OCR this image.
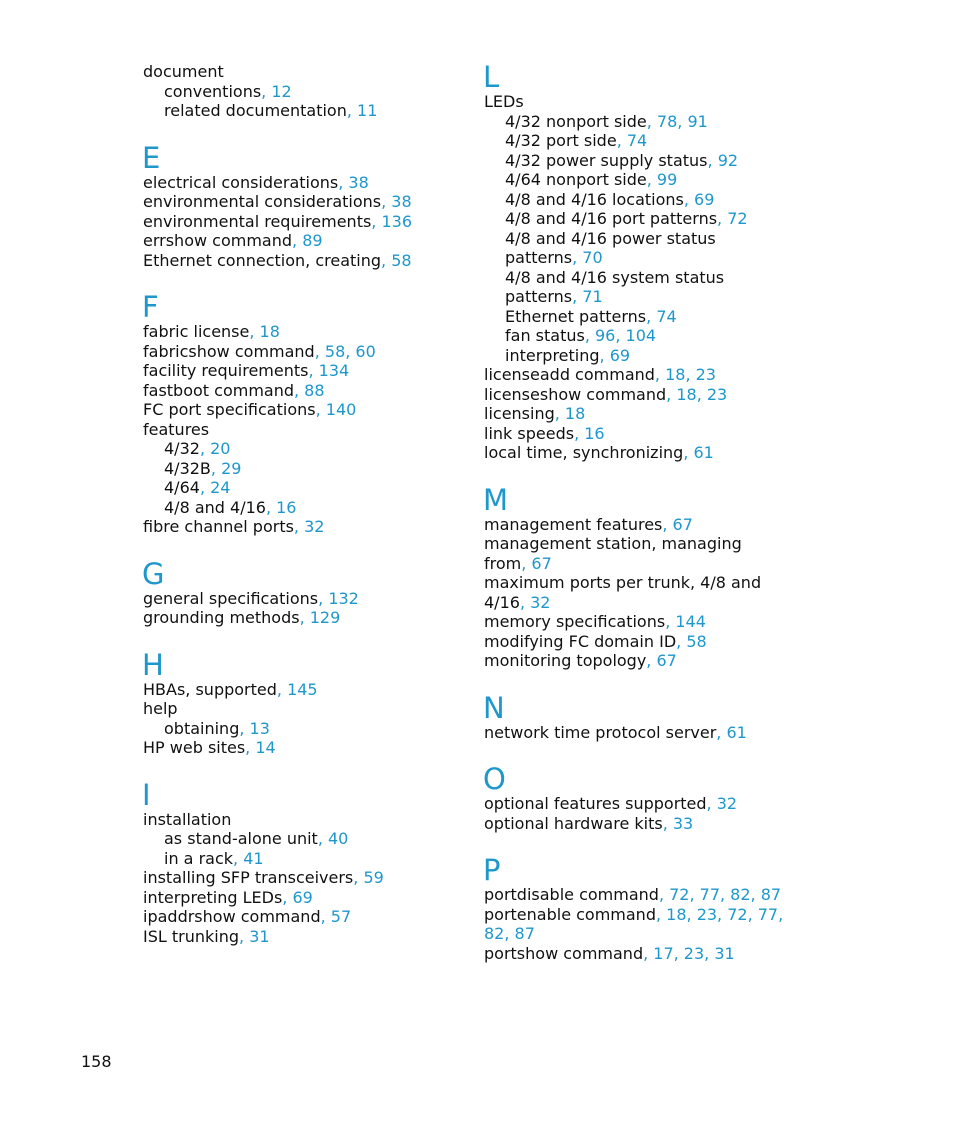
document
conventions, 12
related documentation, 11
E
electrical considerations, 38
environmental considerations, 38
environmental requirements, 136
errshow command, 89
Ethernet connection, creating, 58
F
fabric license, 18
fabricshow command, 58, 60
facility requirements, 134
fastboot command, 88
FC port specifications, 140
features
4/32, 20
4/32B, 29
4/64, 24
4/8 and 4/16, 16
fibre channel ports, 32
G
general specifications, 132
grounding methods, 129
H
HBAs, supported, 145
help
obtaining, 13
HP web sites, 14
I
installation
as stand-alone unit, 40
in a rack, 41
installing SFP transceivers, 59
interpreting LEDs, 69
ipaddrshow command, 57
ISL trunking, 31
L
LEDs
4/32 nonport side, 78, 91
4/32 port side, 74
4/32 power supply status, 92
4/64 nonport side, 99
4/8 and 4/16 locations, 69
4/8 and 4/16 port patterns, 72
4/8 and 4/16 power status patterns, 70
4/8 and 4/16 system status patterns, 71
Ethernet patterns, 74
fan status, 96, 104
interpreting, 69
licenseadd command, 18, 23
licenseshow command, 18, 23
licensing, 18
link speeds, 16
local time, synchronizing, 61
M
management features, 67
management station, managing from, 67
maximum ports per trunk, 4/8 and 4/16, 32
memory specifications, 144
modifying FC domain ID, 58
monitoring topology, 67
N
network time protocol server, 61
O
optional features supported, 32
optional hardware kits, 33
P
portdisable command, 72, 77, 82, 87
portenable command, 18, 23, 72, 77, 82, 87
portshow command, 17, 23, 31
158
